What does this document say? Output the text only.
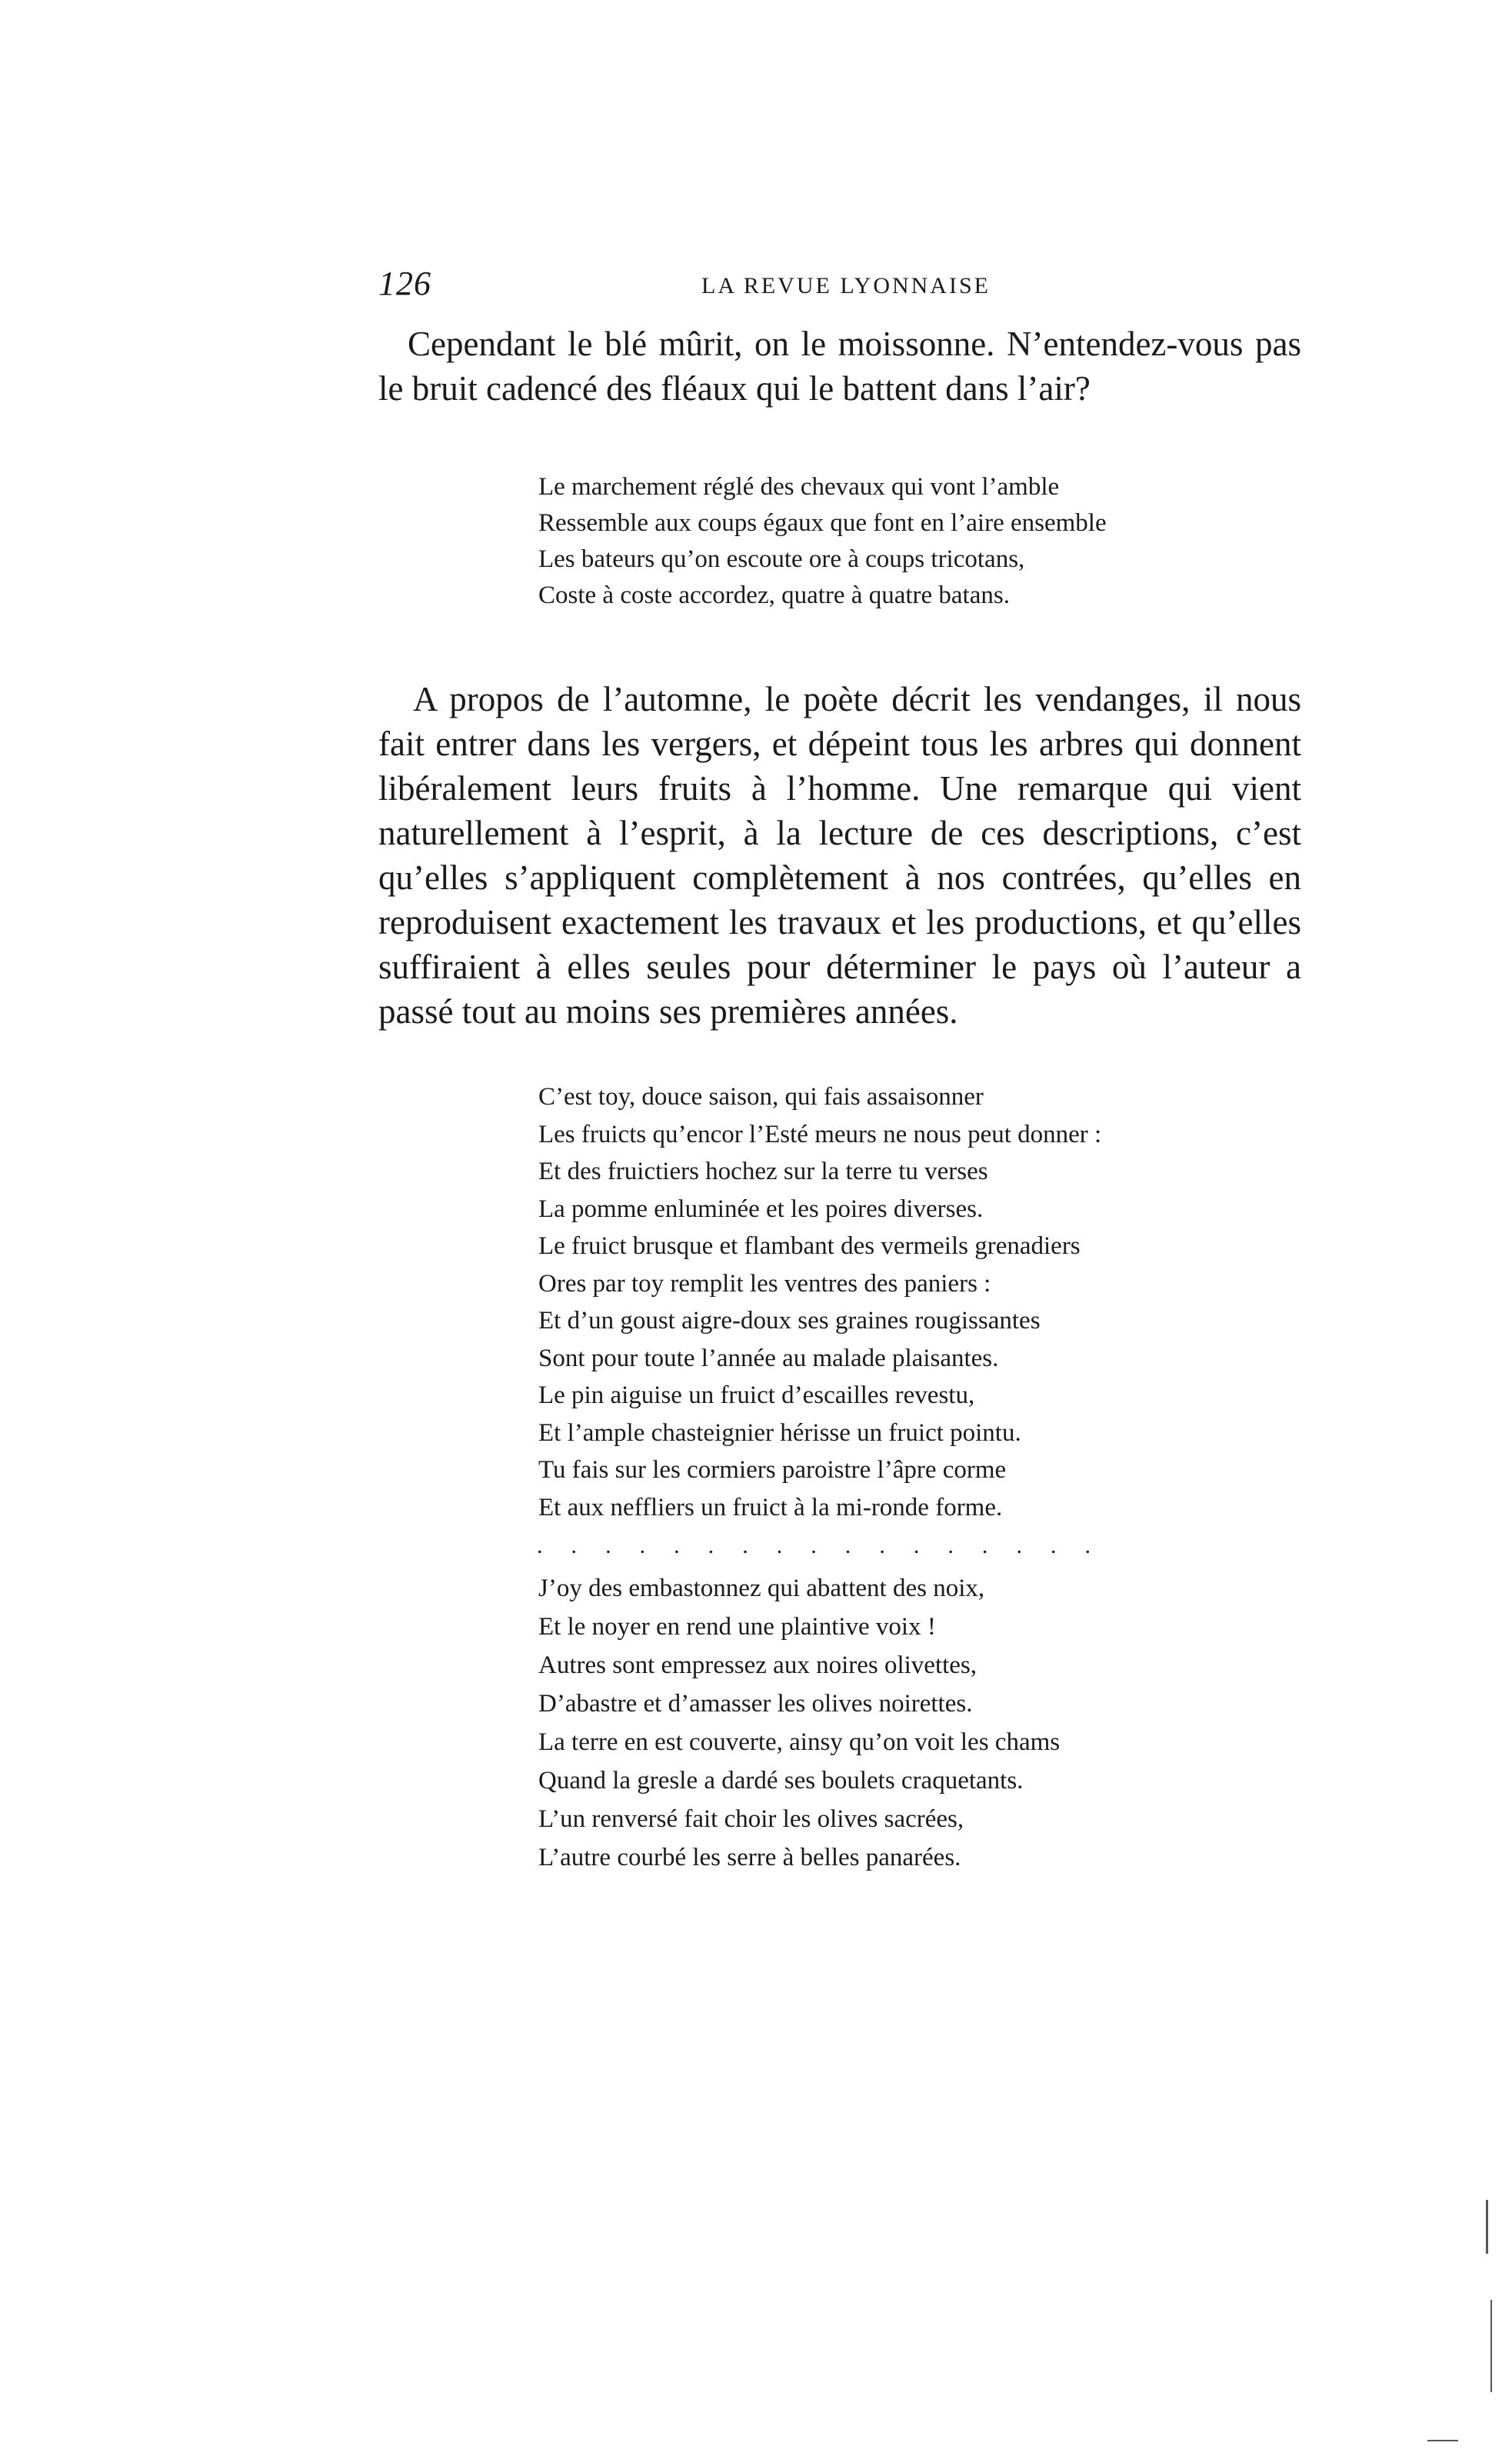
126	LA REVUE LYONNAISE

Cependant le blé mûrit, on le moissonne. N’entendez-vous pas le bruit cadencé des fléaux qui le battent dans l’air?

Le marchement réglé des chevaux qui vont l’amble
Ressemble aux coups égaux que font en l’aire ensemble
Les bateurs qu’on escoute ore à coups tricotans,
Coste à coste accordez, quatre à quatre batans.

A propos de l’automne, le poète décrit les vendanges, il nous fait entrer dans les vergers, et dépeint tous les arbres qui donnent libéralement leurs fruits à l’homme. Une remarque qui vient naturellement à l’esprit, à la lecture de ces descriptions, c’est qu’elles s’appliquent complètement à nos contrées, qu’elles en reproduisent exactement les travaux et les productions, et qu’elles suffiraient à elles seules pour déterminer le pays où l’auteur a passé tout au moins ses premières années.

C’est toy, douce saison, qui fais assaisonner
Les fruicts qu’encor l’Esté meurs ne nous peut donner :
Et des fruictiers hochez sur la terre tu verses
La pomme enluminée et les poires diverses.
Le fruict brusque et flambant des vermeils grenadiers
Ores par toy remplit les ventres des paniers :
Et d’un goust aigre-doux ses graines rougissantes
Sont pour toute l’année au malade plaisantes.
Le pin aiguise un fruict d’escailles revestu,
Et l’ample chasteignier hérisse un fruict pointu.
Tu fais sur les cormiers paroistre l’âpre corme
Et aux neffliers un fruict à la mi-ronde forme.
. . . . . . . . . . . . . . . . .
J’oy des embastonnez qui abattent des noix,
Et le noyer en rend une plaintive voix !
Autres sont empressez aux noires olivettes,
D’abastre et d’amasser les olives noirettes.
La terre en est couverte, ainsy qu’on voit les chams
Quand la gresle a dardé ses boulets craquetants.
L’un renversé fait choir les olives sacrées,
L’autre courbé les serre à belles panarées.
